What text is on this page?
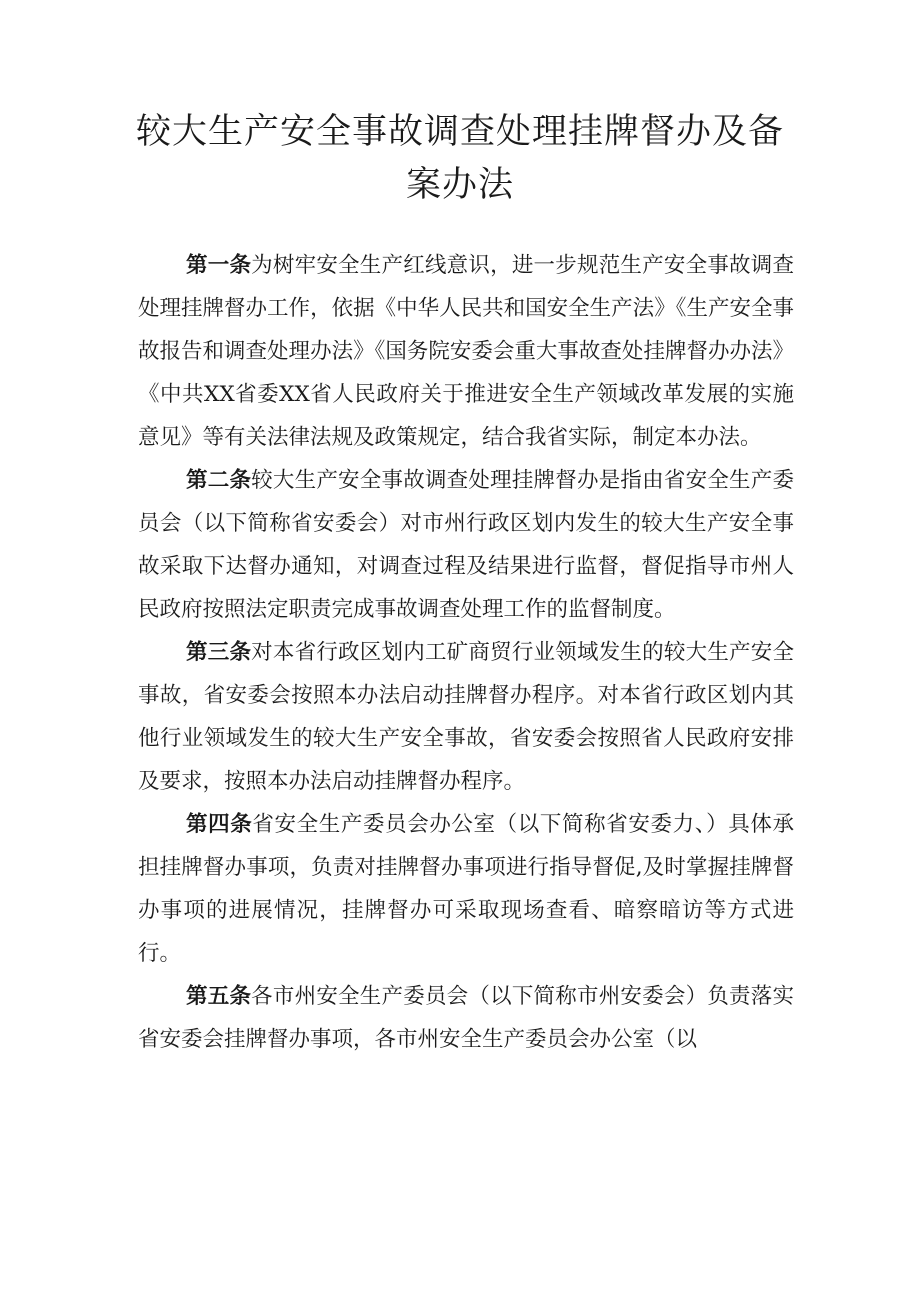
较大生产安全事故调查处理挂牌督办及备案办法

第一条为树牢安全生产红线意识，进一步规范生产安全事故调查处理挂牌督办工作，依据《中华人民共和国安全生产法》《生产安全事故报告和调查处理办法》《国务院安委会重大事故查处挂牌督办办法》《中共XX省委XX省人民政府关于推进安全生产领域改革发展的实施意见》等有关法律法规及政策规定，结合我省实际，制定本办法。

第二条较大生产安全事故调查处理挂牌督办是指由省安全生产委员会（以下简称省安委会）对市州行政区划内发生的较大生产安全事故采取下达督办通知，对调查过程及结果进行监督，督促指导市州人民政府按照法定职责完成事故调查处理工作的监督制度。

第三条对本省行政区划内工矿商贸行业领域发生的较大生产安全事故，省安委会按照本办法启动挂牌督办程序。对本省行政区划内其他行业领域发生的较大生产安全事故，省安委会按照省人民政府安排及要求，按照本办法启动挂牌督办程序。

第四条省安全生产委员会办公室（以下简称省安委力、）具体承担挂牌督办事项，负责对挂牌督办事项进行指导督促,及时掌握挂牌督办事项的进展情况，挂牌督办可采取现场查看、暗察暗访等方式进行。

第五条各市州安全生产委员会（以下简称市州安委会）负责落实省安委会挂牌督办事项，各市州安全生产委员会办公室（以
